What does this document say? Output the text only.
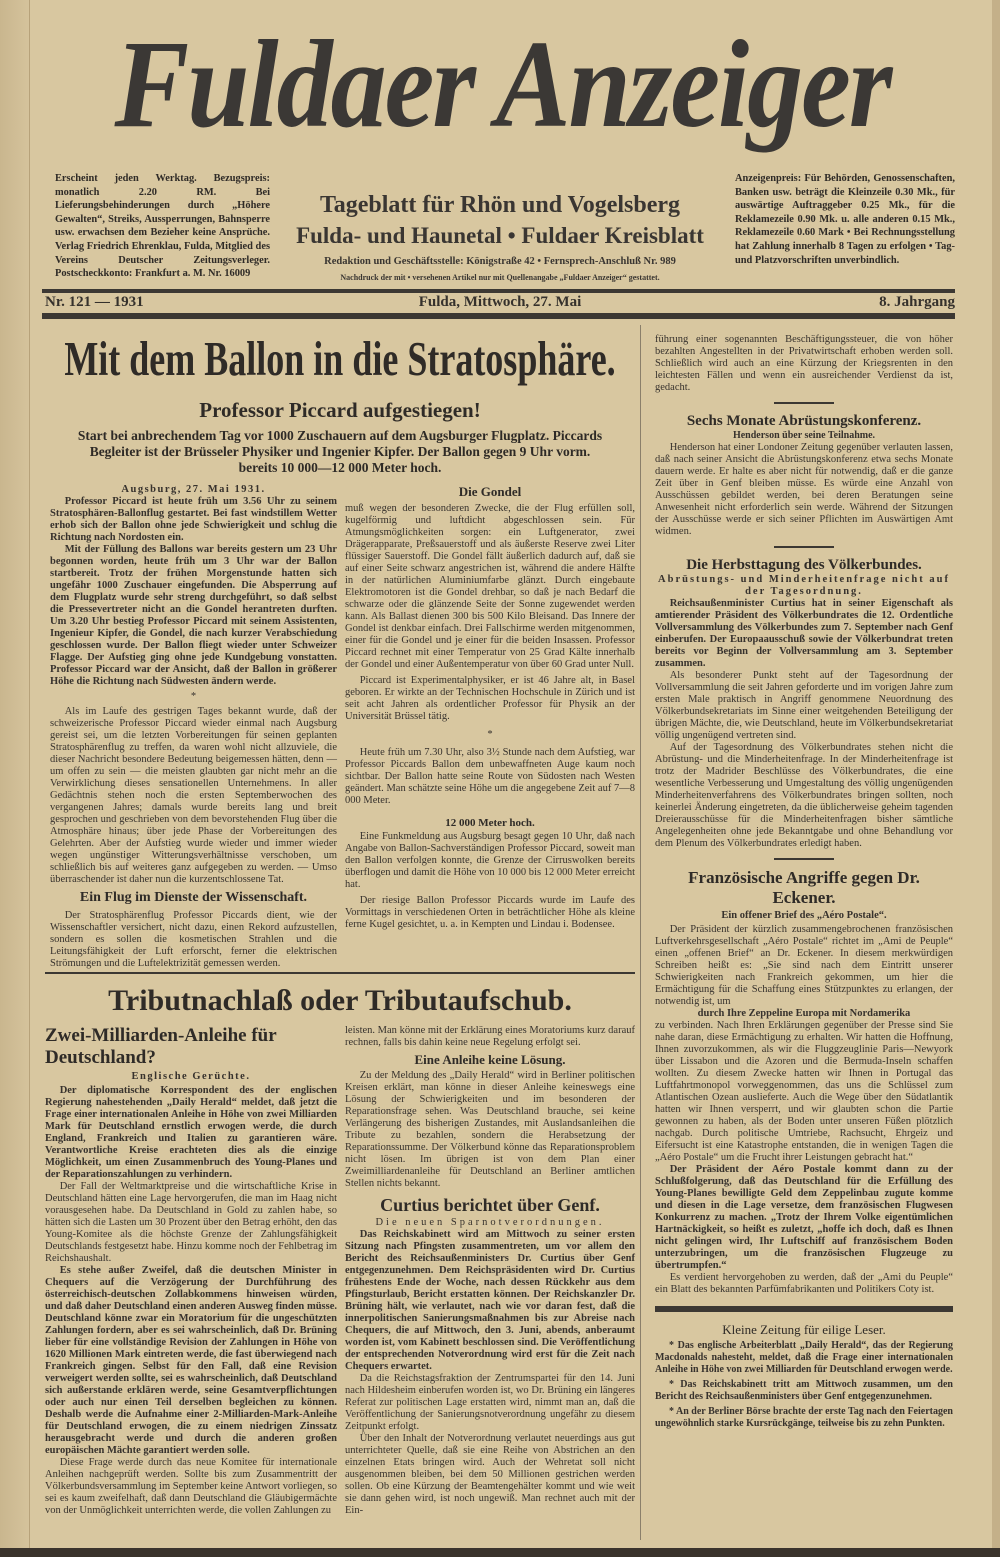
Fuldaer Anzeiger
Erscheint jeden Werktag. Bezugspreis: monatlich 2.20 RM. Bei Lieferungsbehinderungen durch „Höhere Gewalten“, Streiks, Aussperrungen, Bahnsperre usw. erwachsen dem Bezieher keine Ansprüche. Verlag Friedrich Ehrenklau, Fulda, Mitglied des Vereins Deutscher Zeitungsverleger. Postscheckkonto: Frankfurt a. M. Nr. 16009
Tageblatt für Rhön und Vogelsberg
Fulda- und Haunetal • Fuldaer Kreisblatt
Redaktion und Geschäftsstelle: Königstraße 42 • Fernsprech-Anschluß Nr. 989
Nachdruck der mit • versehenen Artikel nur mit Quellenangabe „Fuldaer Anzeiger“ gestattet.
Anzeigenpreis: Für Behörden, Genossenschaften, Banken usw. beträgt die Kleinzeile 0.30 Mk., für auswärtige Auftraggeber 0.25 Mk., für die Reklamezeile 0.90 Mk. u. alle anderen 0.15 Mk., Reklamezeile 0.60 Mark • Bei Rechnungsstellung hat Zahlung innerhalb 8 Tagen zu erfolgen • Tag- und Platzvorschriften unverbindlich.
Nr. 121 — 1931	Fulda, Mittwoch, 27. Mai	8. Jahrgang
Mit dem Ballon in die Stratosphäre.
Professor Piccard aufgestiegen!
Start bei anbrechendem Tag vor 1000 Zuschauern auf dem Augsburger Flugplatz. Piccards Begleiter ist der Brüsseler Physiker und Ingenier Kipfer. Der Ballon gegen 9 Uhr vorm. bereits 10 000—12 000 Meter hoch.
Augsburg, 27. Mai 1931.

Professor Piccard ist heute früh um 3.56 Uhr zu seinem Stratosphären-Ballonflug gestartet. Bei fast windstillem Wetter erhob sich der Ballon ohne jede Schwierigkeit und schlug die Richtung nach Nordosten ein.

Mit der Füllung des Ballons war bereits gestern um 23 Uhr begonnen worden, heute früh um 3 Uhr war der Ballon startbereit. Trotz der frühen Morgenstunde hatten sich ungefähr 1000 Zuschauer eingefunden. Die Absperrung auf dem Flugplatz wurde sehr streng durchgeführt, so daß selbst die Pressevertreter nicht an die Gondel herantreten durften. Um 3.20 Uhr bestieg Professor Piccard mit seinem Assistenten, Ingenieur Kipfer, die Gondel, die nach kurzer Verabschiedung geschlossen wurde. Der Ballon fliegt wieder unter Schweizer Flagge. Der Aufstieg ging ohne jede Kundgebung vonstatten. Professor Piccard war der Ansicht, daß der Ballon in größerer Höhe die Richtung nach Südwesten ändern werde.

*

Als im Laufe des gestrigen Tages bekannt wurde, daß der schweizerische Professor Piccard wieder einmal nach Augsburg gereist sei, um die letzten Vorbereitungen für seinen geplanten Stratosphärenflug zu treffen, da waren wohl nicht allzuviele, die dieser Nachricht besondere Bedeutung beigemessen hätten, denn — um offen zu sein — die meisten glaubten gar nicht mehr an die Verwirklichung dieses sensationellen Unternehmens. In aller Gedächtnis stehen noch die ersten Septemberwochen des vergangenen Jahres; damals wurde bereits lang und breit gesprochen und geschrieben von dem bevorstehenden Flug über die Atmosphäre hinaus; über jede Phase der Vorbereitungen des Gelehrten. Aber der Aufstieg wurde wieder und immer wieder wegen ungünstiger Witterungsverhältnisse verschoben, um schließlich bis auf weiteres ganz aufgegeben zu werden. — Umso überraschender ist daher nun die kurzentschlossene Tat.

Ein Flug im Dienste der Wissenschaft.

Der Stratosphärenflug Professor Piccards dient, wie der Wissenschaftler versichert, nicht dazu, einen Rekord aufzustellen, sondern es sollen die kosmetischen Strahlen und die Leitungsfähigkeit der Luft erforscht, ferner die elektrischen Strömungen und die Luftelektrizität gemessen werden.

Die Gondel

muß wegen der besonderen Zwecke, die der Flug erfüllen soll, kugelförmig und luftdicht abgeschlossen sein. Für Atmungsmöglichkeiten sorgen: ein Luftgenerator, zwei Drägerapparate, Preßsauerstoff und als äußerste Reserve zwei Liter flüssiger Sauerstoff. Die Gondel fällt äußerlich dadurch auf, daß sie auf einer Seite schwarz angestrichen ist, während die andere Hälfte in der natürlichen Aluminiumfarbe glänzt. Durch eingebaute Elektromotoren ist die Gondel drehbar, so daß je nach Bedarf die schwarze oder die glänzende Seite der Sonne zugewendet werden kann. Als Ballast dienen 300 bis 500 Kilo Bleisand. Das Innere der Gondel ist denkbar einfach. Drei Fallschirme werden mitgenommen, einer für die Gondel und je einer für die beiden Insassen. Professor Piccard rechnet mit einer Temperatur von 25 Grad Kälte innerhalb der Gondel und einer Außentemperatur von über 60 Grad unter Null.

Piccard ist Experimentalphysiker, er ist 46 Jahre alt, in Basel geboren. Er wirkte an der Technischen Hochschule in Zürich und ist seit acht Jahren als ordentlicher Professor für Physik an der Universität Brüssel tätig.

*

Heute früh um 7.30 Uhr, also 3½ Stunde nach dem Aufstieg, war Professor Piccards Ballon dem unbewaffneten Auge kaum noch sichtbar. Der Ballon hatte seine Route von Südosten nach Westen geändert. Man schätzte seine Höhe um die angegebene Zeit auf 7—8 000 Meter.

12 000 Meter hoch.

Eine Funkmeldung aus Augsburg besagt gegen 10 Uhr, daß nach Angabe von Ballon-Sachverständigen Professor Piccard, soweit man den Ballon verfolgen konnte, die Grenze der Cirruswolken bereits überflogen und damit die Höhe von 10 000 bis 12 000 Meter erreicht hat.

Der riesige Ballon Professor Piccards wurde im Laufe des Vormittags in verschiedenen Orten in beträchtlicher Höhe als kleine ferne Kugel gesichtet, u. a. in Kempten und Lindau i. Bodensee.

Tributnachlaß oder Tributaufschub.
Zwei-Milliarden-Anleihe für Deutschland?
Englische Gerüchte.

Der diplomatische Korrespondent des der englischen Regierung nahestehenden „Daily Herald“ meldet, daß jetzt die Frage einer internationalen Anleihe in Höhe von zwei Milliarden Mark für Deutschland ernstlich erwogen werde, die durch England, Frankreich und Italien zu garantieren wäre. Verantwortliche Kreise erachteten dies als die einzige Möglichkeit, um einen Zusammenbruch des Young-Planes und der Reparationszahlungen zu verhindern.

Der Fall der Weltmarktpreise und die wirtschaftliche Krise in Deutschland hätten eine Lage hervorgerufen, die man im Haag nicht vorausgesehen habe. Da Deutschland in Gold zu zahlen habe, so hätten sich die Lasten um 30 Prozent über den Betrag erhöht, den das Young-Komitee als die höchste Grenze der Zahlungsfähigkeit Deutschlands festgesetzt habe. Hinzu komme noch der Fehlbetrag im Reichshaushalt.

Es stehe außer Zweifel, daß die deutschen Minister in Chequers auf die Verzögerung der Durchführung des österreichisch-deutschen Zollabkommens hinweisen würden, und daß daher Deutschland einen anderen Ausweg finden müsse. Deutschland könne zwar ein Moratorium für die ungeschützten Zahlungen fordern, aber es sei wahrscheinlich, daß Dr. Brüning lieber für eine vollständige Revision der Zahlungen in Höhe von 1620 Millionen Mark eintreten werde, die fast überwiegend nach Frankreich gingen. Selbst für den Fall, daß eine Revision verweigert werden sollte, sei es wahrscheinlich, daß Deutschland sich außerstande erklären werde, seine Gesamtverpflichtungen oder auch nur einen Teil derselben begleichen zu können. Deshalb werde die Aufnahme einer 2-Milliarden-Mark-Anleihe für Deutschland erwogen, die zu einem niedrigen Zinssatz herausgebracht werde und durch die anderen großen europäischen Mächte garantiert werden solle.

Diese Frage werde durch das neue Komitee für internationale Anleihen nachgeprüft werden. Sollte bis zum Zusammentritt der Völkerbundsversammlung im September keine Antwort vorliegen, so sei es kaum zweifelhaft, daß dann Deutschland die Gläubigermächte von der Unmöglichkeit unterrichten werde, die vollen Zahlungen zu

leisten. Man könne mit der Erklärung eines Moratoriums kurz darauf rechnen, falls bis dahin keine neue Regelung erfolgt sei.

Eine Anleihe keine Lösung.

Zu der Meldung des „Daily Herald“ wird in Berliner politischen Kreisen erklärt, man könne in dieser Anleihe keineswegs eine Lösung der Schwierigkeiten und im besonderen der Reparationsfrage sehen. Was Deutschland brauche, sei keine Verlängerung des bisherigen Zustandes, mit Auslandsanleihen die Tribute zu bezahlen, sondern die Herabsetzung der Reparationssumme. Der Völkerbund könne das Reparationsproblem nicht lösen. Im übrigen ist von dem Plan einer Zweimilliardenanleihe für Deutschland an Berliner amtlichen Stellen nichts bekannt.

Curtius berichtet über Genf.
Die neuen Sparnotverordnungen.

Das Reichskabinett wird am Mittwoch zu seiner ersten Sitzung nach Pfingsten zusammentreten, um vor allem den Bericht des Reichsaußenministers Dr. Curtius über Genf entgegenzunehmen. Dem Reichspräsidenten wird Dr. Curtius frühestens Ende der Woche, nach dessen Rückkehr aus dem Pfingsturlaub, Bericht erstatten können. Der Reichskanzler Dr. Brüning hält, wie verlautet, nach wie vor daran fest, daß die innerpolitischen Sanierungsmaßnahmen bis zur Abreise nach Chequers, die auf Mittwoch, den 3. Juni, abends, anberaumt worden ist, vom Kabinett beschlossen sind. Die Veröffentlichung der entsprechenden Notverordnung wird erst für die Zeit nach Chequers erwartet.

Da die Reichstagsfraktion der Zentrumspartei für den 14. Juni nach Hildesheim einberufen worden ist, wo Dr. Brüning ein längeres Referat zur politischen Lage erstatten wird, nimmt man an, daß die Veröffentlichung der Sanierungsnotverordnung ungefähr zu diesem Zeitpunkt erfolgt.

Über den Inhalt der Notverordnung verlautet neuerdings aus gut unterrichteter Quelle, daß sie eine Reihe von Abstrichen an den einzelnen Etats bringen wird. Auch der Wehretat soll nicht ausgenommen bleiben, bei dem 50 Millionen gestrichen werden sollen. Ob eine Kürzung der Beamtengehälter kommt und wie weit sie dann gehen wird, ist noch ungewiß. Man rechnet auch mit der Ein-

führung einer sogenannten Beschäftigungssteuer, die von höher bezahlten Angestellten in der Privatwirtschaft erhoben werden soll. Schließlich wird auch an eine Kürzung der Kriegsrenten in den leichtesten Fällen und wenn ein ausreichender Verdienst da ist, gedacht.

Sechs Monate Abrüstungskonferenz.
Henderson über seine Teilnahme.

Henderson hat einer Londoner Zeitung gegenüber verlauten lassen, daß nach seiner Ansicht die Abrüstungskonferenz etwa sechs Monate dauern werde. Er halte es aber nicht für notwendig, daß er die ganze Zeit über in Genf bleiben müsse. Es würde eine Anzahl von Ausschüssen gebildet werden, bei deren Beratungen seine Anwesenheit nicht erforderlich sein werde. Während der Sitzungen der Ausschüsse werde er sich seiner Pflichten im Auswärtigen Amt widmen.

Die Herbsttagung des Völkerbundes.
Abrüstungs- und Minderheitenfrage nicht auf der Tagesordnung.

Reichsaußenminister Curtius hat in seiner Eigenschaft als amtierender Präsident des Völkerbundrates die 12. Ordentliche Vollversammlung des Völkerbundes zum 7. September nach Genf einberufen. Der Europaausschuß sowie der Völkerbundrat treten bereits vor Beginn der Vollversammlung am 3. September zusammen.

Als besonderer Punkt steht auf der Tagesordnung der Vollversammlung die seit Jahren geforderte und im vorigen Jahre zum ersten Male praktisch in Angriff genommene Neuordnung des Völkerbundsekretariats im Sinne einer weitgehenden Beteiligung der übrigen Mächte, die, wie Deutschland, heute im Völkerbundsekretariat völlig ungenügend vertreten sind.

Auf der Tagesordnung des Völkerbundrates stehen nicht die Abrüstung- und die Minderheitenfrage. In der Minderheitenfrage ist trotz der Madrider Beschlüsse des Völkerbundrates, die eine wesentliche Verbesserung und Umgestaltung des völlig ungenügenden Minderheitenverfahrens des Völkerbundrates bringen sollten, noch keinerlei Änderung eingetreten, da die üblicherweise geheim tagenden Dreierausschüsse für die Minderheitenfragen bisher sämtliche Angelegenheiten ohne jede Bekanntgabe und ohne Behandlung vor dem Plenum des Völkerbundrates erledigt haben.

Französische Angriffe gegen Dr. Eckener.
Ein offener Brief des „Aéro Postale“.

Der Präsident der kürzlich zusammengebrochenen französischen Luftverkehrsgesellschaft „Aéro Postale“ richtet im „Ami de Peuple“ einen „offenen Brief“ an Dr. Eckener. In diesem merkwürdigen Schreiben heißt es: „Sie sind nach dem Eintritt unserer Schwierigkeiten nach Frankreich gekommen, um hier die Ermächtigung für die Schaffung eines Stützpunktes zu erlangen, der notwendig ist, um

durch Ihre Zeppeline Europa mit Nordamerika

zu verbinden. Nach Ihren Erklärungen gegenüber der Presse sind Sie nahe daran, diese Ermächtigung zu erhalten. Wir hatten die Hoffnung, Ihnen zuvorzukommen, als wir die Fluggzeuglinie Paris—Newyork über Lissabon und die Azoren und die Bermuda-Inseln schaffen wollten. Zu diesem Zwecke hatten wir Ihnen in Portugal das Luftfahrtmonopol vorweggenommen, das uns die Schlüssel zum Atlantischen Ozean auslieferte. Auch die Wege über den Südatlantik hatten wir Ihnen versperrt, und wir glaubten schon die Partie gewonnen zu haben, als der Boden unter unseren Füßen plötzlich nachgab. Durch politische Umtriebe, Rachsucht, Ehrgeiz und Eifersucht ist eine Katastrophe entstanden, die in wenigen Tagen die „Aéro Postale“ um die Frucht ihrer Leistungen gebracht hat.“

Der Präsident der Aéro Postale kommt dann zu der Schlußfolgerung, daß das Deutschland für die Erfüllung des Young-Planes bewilligte Geld dem Zeppelinbau zugute komme und diesen in die Lage versetze, dem französischen Flugwesen Konkurrenz zu machen. „Trotz der Ihrem Volke eigentümlichen Hartnäckigkeit, so heißt es zuletzt, „hoffe ich doch, daß es Ihnen nicht gelingen wird, Ihr Luftschiff auf französischem Boden unterzubringen, um die französischen Flugzeuge zu übertrumpfen.“

Es verdient hervorgehoben zu werden, daß der „Ami du Peuple“ ein Blatt des bekannten Parfümfabrikanten und Politikers Coty ist.

Kleine Zeitung für eilige Leser.

* Das englische Arbeiterblatt „Daily Herald“, das der Regierung Macdonalds nahesteht, meldet, daß die Frage einer internationalen Anleihe in Höhe von zwei Milliarden für Deutschland erwogen werde.

* Das Reichskabinett tritt am Mittwoch zusammen, um den Bericht des Reichsaußenministers über Genf entgegenzunehmen.

* An der Berliner Börse brachte der erste Tag nach den Feiertagen ungewöhnlich starke Kursrückgänge, teilweise bis zu zehn Punkten.
